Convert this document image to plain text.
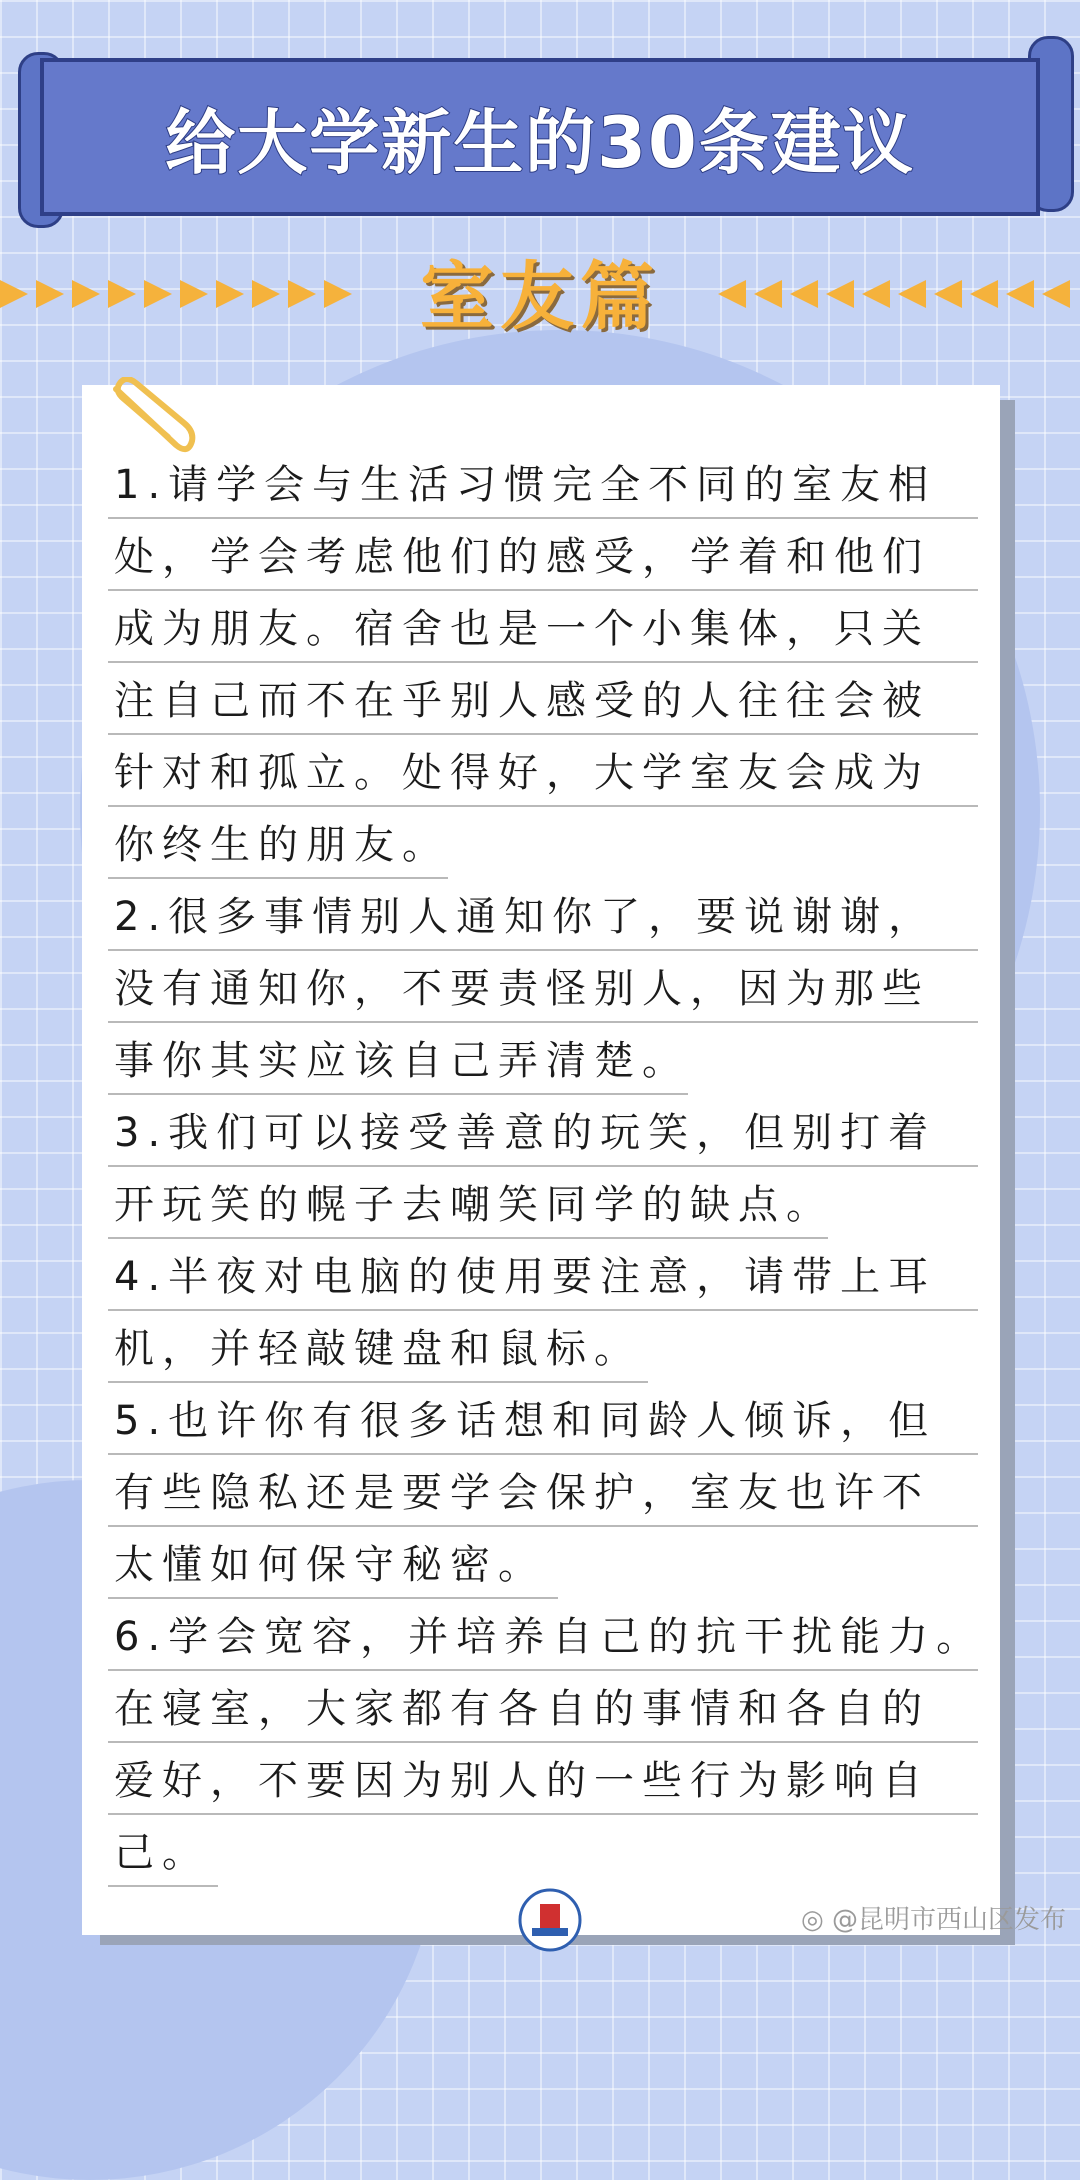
给大学新生的30条建议
室友篇
1.请学会与生活习惯完全不同的室友相
处，学会考虑他们的感受，学着和他们
成为朋友。宿舍也是一个小集体，只关
注自己而不在乎别人感受的人往往会被
针对和孤立。处得好，大学室友会成为
你终生的朋友。
2.很多事情别人通知你了，要说谢谢，
没有通知你，不要责怪别人，因为那些
事你其实应该自己弄清楚。
3.我们可以接受善意的玩笑，但别打着
开玩笑的幌子去嘲笑同学的缺点。
4.半夜对电脑的使用要注意，请带上耳
机，并轻敲键盘和鼠标。
5.也许你有很多话想和同龄人倾诉，但
有些隐私还是要学会保护，室友也许不
太懂如何保守秘密。
6.学会宽容，并培养自己的抗干扰能力。
在寝室，大家都有各自的事情和各自的
爱好，不要因为别人的一些行为影响自
己。
◎ @昆明市西山区发布
